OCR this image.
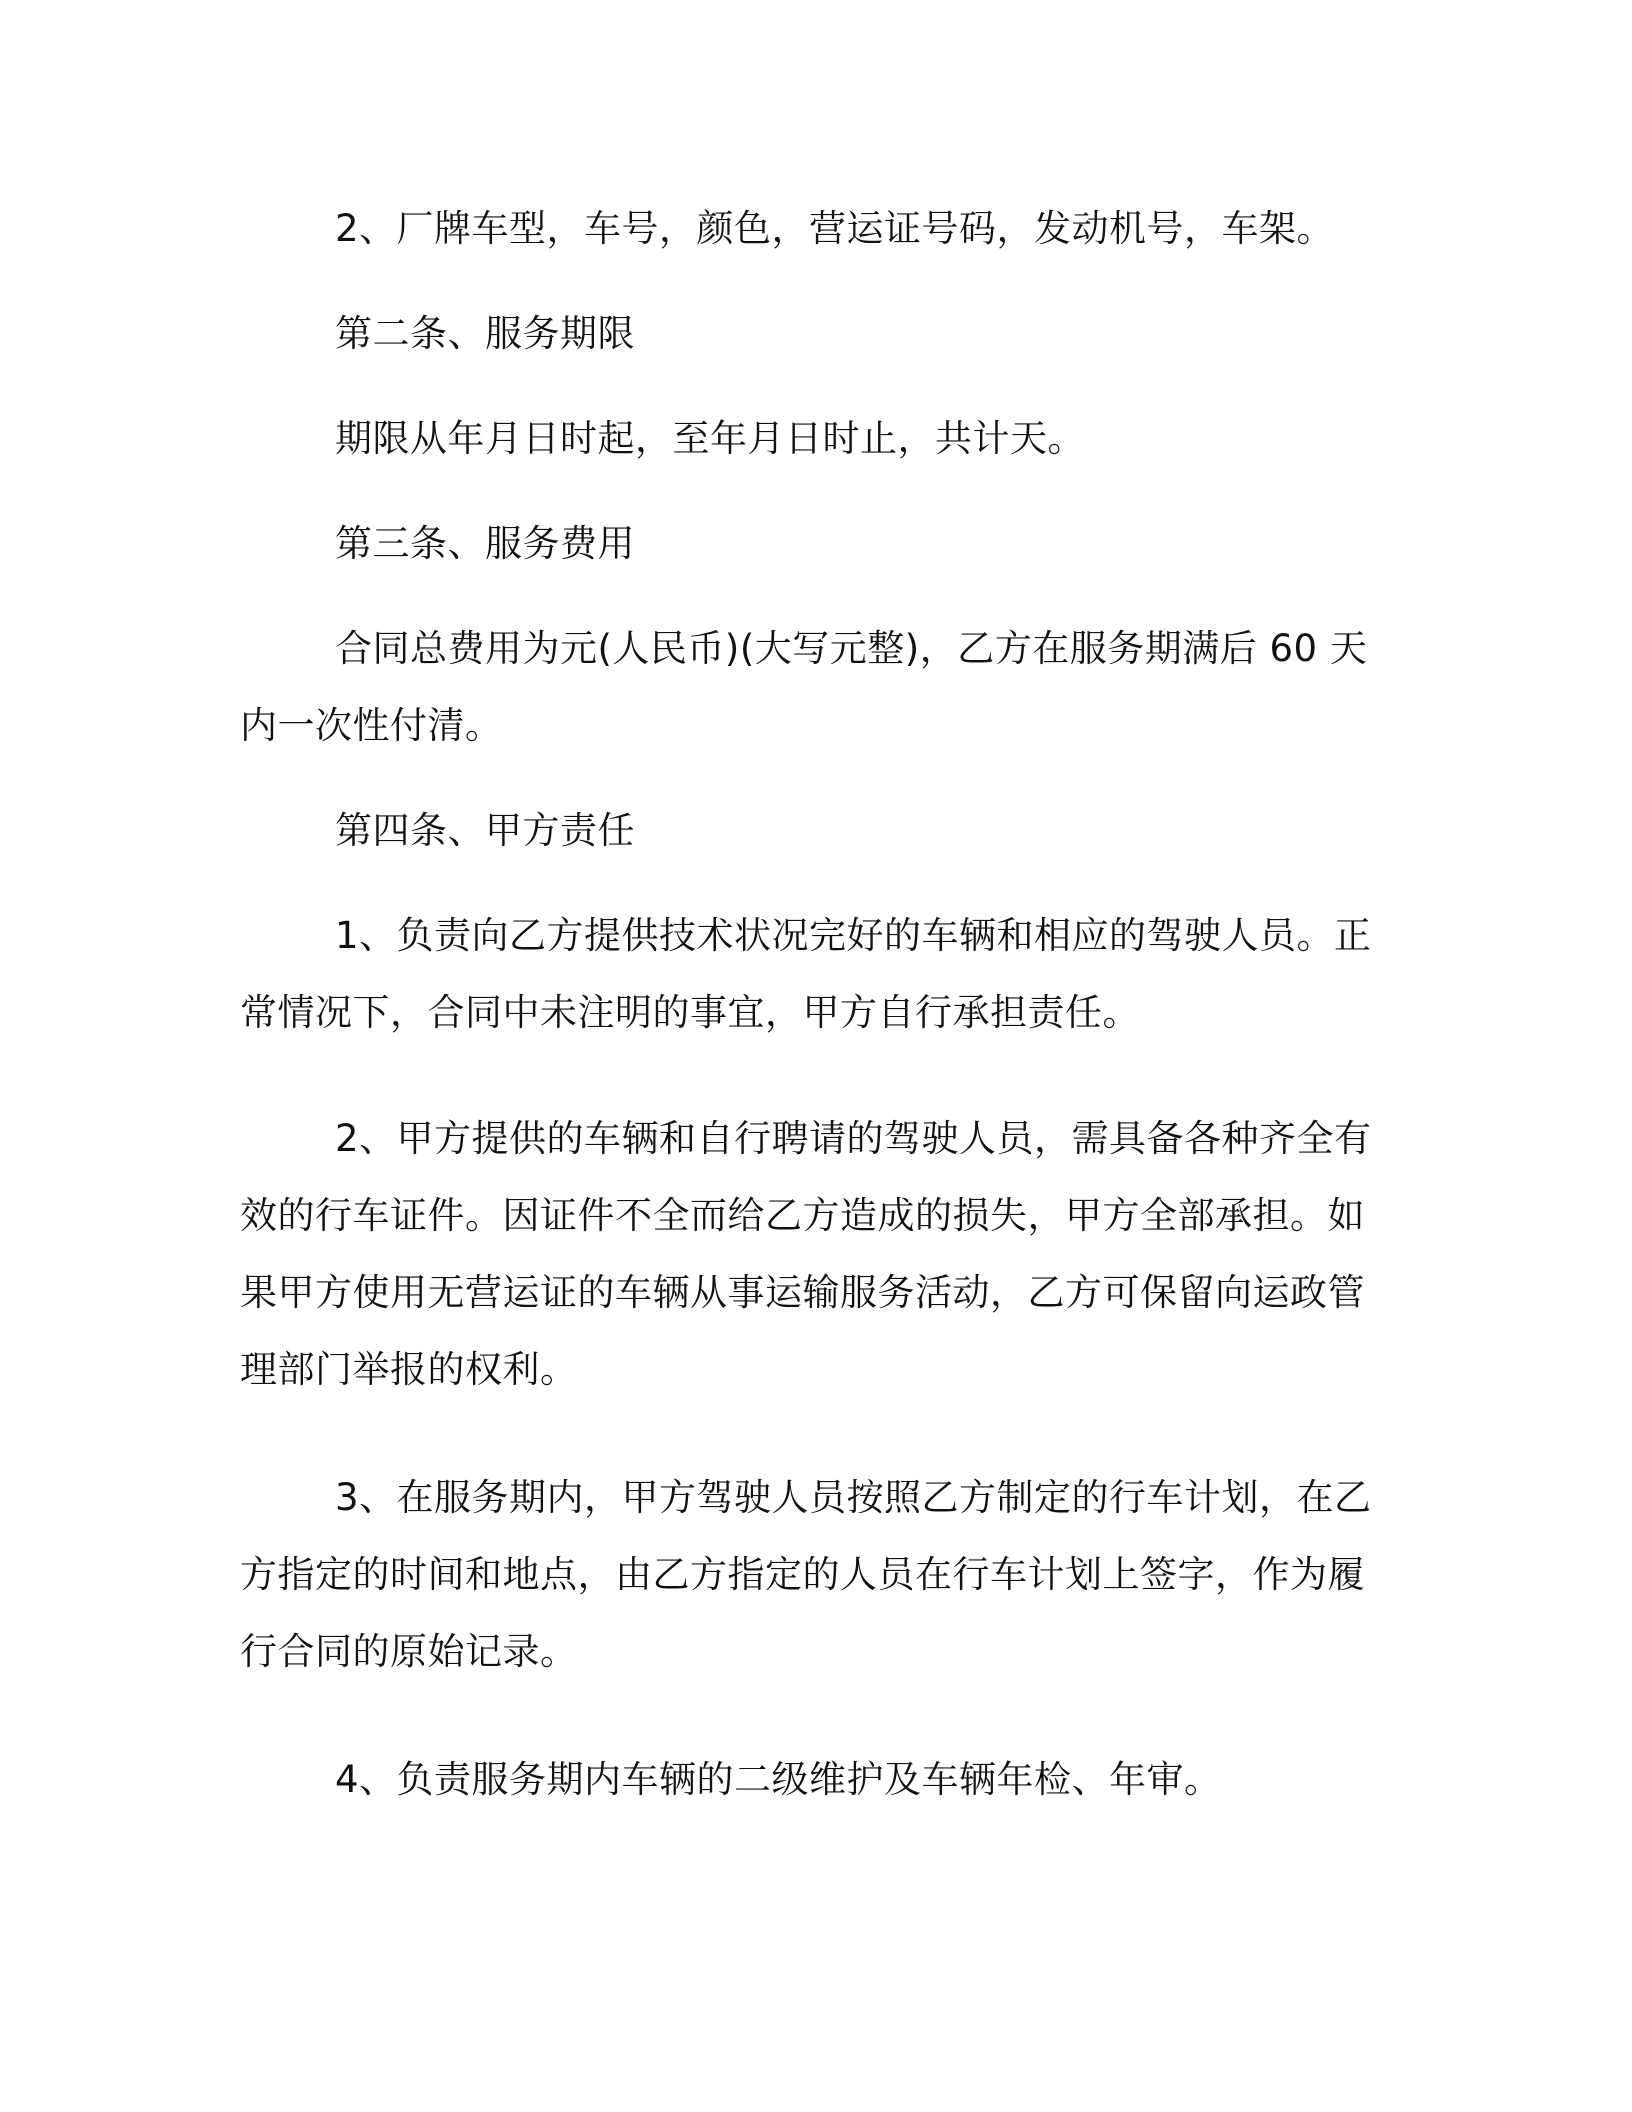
2、厂牌车型，车号，颜色，营运证号码，发动机号，车架。

第二条、服务期限

期限从年月日时起，至年月日时止，共计天。

第三条、服务费用

合同总费用为元(人民币)(大写元整)，乙方在服务期满后 60 天内一次性付清。

第四条、甲方责任

1、负责向乙方提供技术状况完好的车辆和相应的驾驶人员。正常情况下，合同中未注明的事宜，甲方自行承担责任。

2、甲方提供的车辆和自行聘请的驾驶人员，需具备各种齐全有效的行车证件。因证件不全而给乙方造成的损失，甲方全部承担。如果甲方使用无营运证的车辆从事运输服务活动，乙方可保留向运政管理部门举报的权利。

3、在服务期内，甲方驾驶人员按照乙方制定的行车计划，在乙方指定的时间和地点，由乙方指定的人员在行车计划上签字，作为履行合同的原始记录。

4、负责服务期内车辆的二级维护及车辆年检、年审。
